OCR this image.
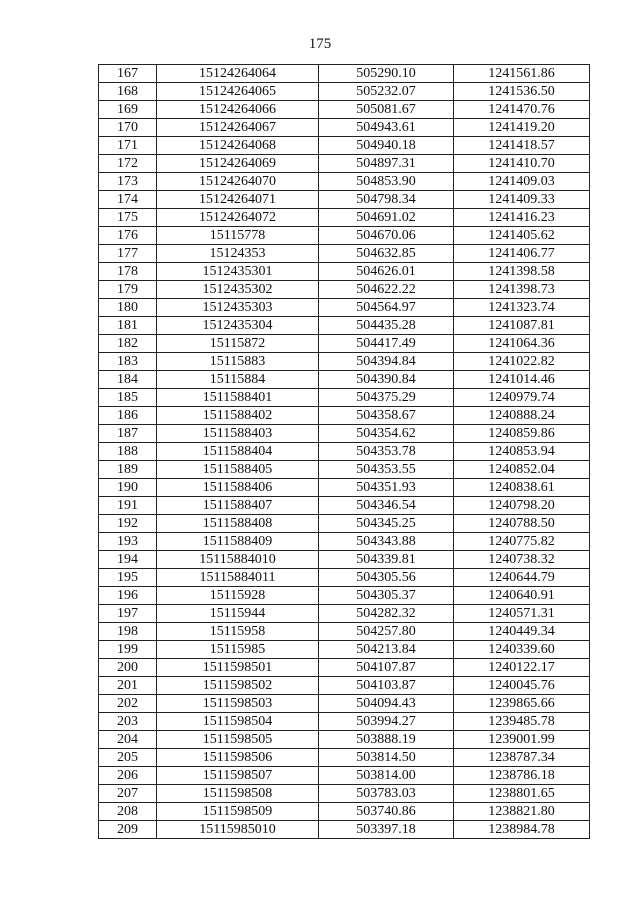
175
167	15124264064	505290.10	1241561.86
168	15124264065	505232.07	1241536.50
169	15124264066	505081.67	1241470.76
170	15124264067	504943.61	1241419.20
171	15124264068	504940.18	1241418.57
172	15124264069	504897.31	1241410.70
173	15124264070	504853.90	1241409.03
174	15124264071	504798.34	1241409.33
175	15124264072	504691.02	1241416.23
176	15115778	504670.06	1241405.62
177	15124353	504632.85	1241406.77
178	1512435301	504626.01	1241398.58
179	1512435302	504622.22	1241398.73
180	1512435303	504564.97	1241323.74
181	1512435304	504435.28	1241087.81
182	15115872	504417.49	1241064.36
183	15115883	504394.84	1241022.82
184	15115884	504390.84	1241014.46
185	1511588401	504375.29	1240979.74
186	1511588402	504358.67	1240888.24
187	1511588403	504354.62	1240859.86
188	1511588404	504353.78	1240853.94
189	1511588405	504353.55	1240852.04
190	1511588406	504351.93	1240838.61
191	1511588407	504346.54	1240798.20
192	1511588408	504345.25	1240788.50
193	1511588409	504343.88	1240775.82
194	15115884010	504339.81	1240738.32
195	15115884011	504305.56	1240644.79
196	15115928	504305.37	1240640.91
197	15115944	504282.32	1240571.31
198	15115958	504257.80	1240449.34
199	15115985	504213.84	1240339.60
200	1511598501	504107.87	1240122.17
201	1511598502	504103.87	1240045.76
202	1511598503	504094.43	1239865.66
203	1511598504	503994.27	1239485.78
204	1511598505	503888.19	1239001.99
205	1511598506	503814.50	1238787.34
206	1511598507	503814.00	1238786.18
207	1511598508	503783.03	1238801.65
208	1511598509	503740.86	1238821.80
209	15115985010	503397.18	1238984.78
